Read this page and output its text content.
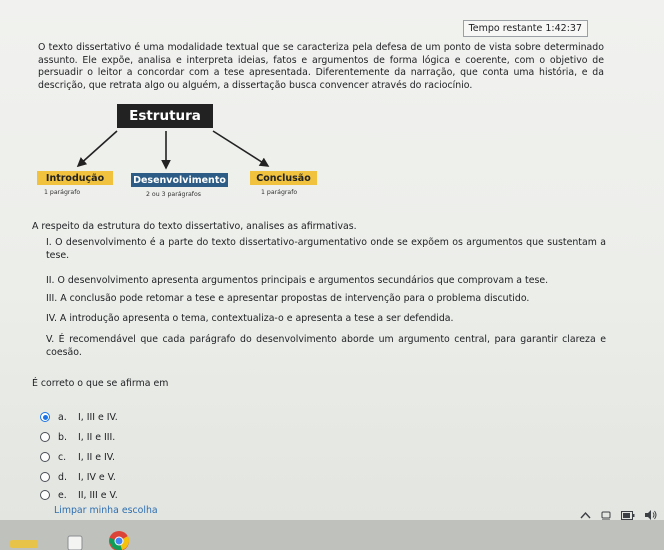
Tempo restante 1:42:37
O texto dissertativo é uma modalidade textual que se caracteriza pela defesa de um ponto de vista sobre determinado assunto. Ele expõe, analisa e interpreta ideias, fatos e argumentos de forma lógica e coerente, com o objetivo de persuadir o leitor a concordar com a tese apresentada. Diferentemente da narração, que conta uma história, e da descrição, que retrata algo ou alguém, a dissertação busca convencer através do raciocínio.
Estrutura
Introdução	Desenvolvimento	Conclusão
1 parágrafo	2 ou 3 parágrafos	1 parágrafo
A respeito da estrutura do texto dissertativo, analises as afirmativas.
I. O desenvolvimento é a parte do texto dissertativo-argumentativo onde se expõem os argumentos que sustentam a tese.
II. O desenvolvimento apresenta argumentos principais e argumentos secundários que comprovam a tese.
III. A conclusão pode retomar a tese e apresentar propostas de intervenção para o problema discutido.
IV. A introdução apresenta o tema, contextualiza-o e apresenta a tese a ser defendida.
V. É recomendável que cada parágrafo do desenvolvimento aborde um argumento central, para garantir clareza e coesão.
É correto o que se afirma em
a.	I, III e IV.
b.	I, II e III.
c.	I, II e IV.
d.	I, IV e V.
e.	II, III e V.
Limpar minha escolha
